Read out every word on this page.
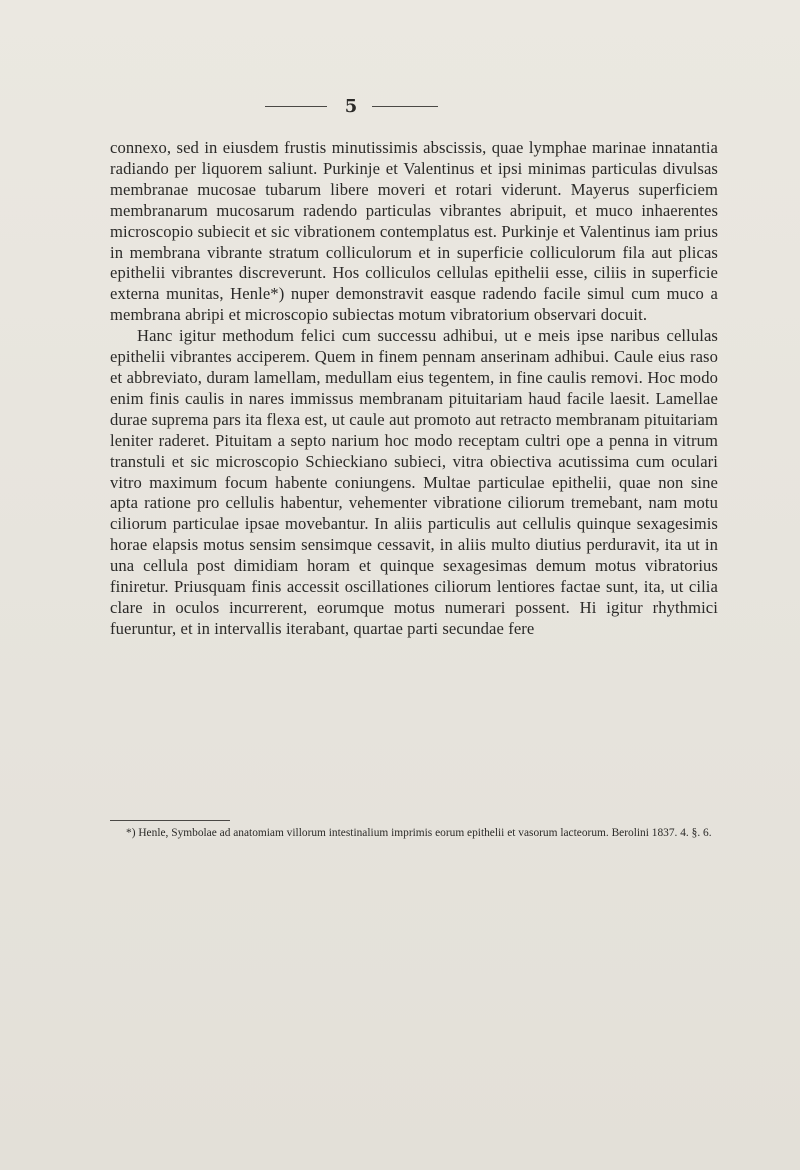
5

connexo, sed in eiusdem frustis minutissimis abscissis, quae lymphae marinae innatantia radiando per liquorem saliunt. Purkinje et Valentinus et ipsi minimas particulas divulsas membranae mucosae tubarum libere moveri et rotari viderunt. Mayerus superficiem membranarum mucosarum radendo particulas vibrantes abripuit, et muco inhaerentes microscopio subiecit et sic vibrationem contemplatus est. Purkinje et Valentinus iam prius in membrana vibrante stratum colliculorum et in superficie colliculorum fila aut plicas epithelii vibrantes discreverunt. Hos colliculos cellulas epithelii esse, ciliis in superficie externa munitas, Henle*) nuper demonstravit easque radendo facile simul cum muco a membrana abripi et microscopio subiectas motum vibratorium observari docuit.

Hanc igitur methodum felici cum successu adhibui, ut e meis ipse naribus cellulas epithelii vibrantes acciperem. Quem in finem pennam anserinam adhibui. Caule eius raso et abbreviato, duram lamellam, medullam eius tegentem, in fine caulis removi. Hoc modo enim finis caulis in nares immissus membranam pituitariam haud facile laesit. Lamellae durae suprema pars ita flexa est, ut caule aut promoto aut retracto membranam pituitariam leniter raderet. Pituitam a septo narium hoc modo receptam cultri ope a penna in vitrum transtuli et sic microscopio Schieckiano subieci, vitra obiectiva acutissima cum oculari vitro maximum focum habente coniungens. Multae particulae epithelii, quae non sine apta ratione pro cellulis habentur, vehementer vibratione ciliorum tremebant, nam motu ciliorum particulae ipsae movebantur. In aliis particulis aut cellulis quinque sexagesimis horae elapsis motus sensim sensimque cessavit, in aliis multo diutius perduravit, ita ut in una cellula post dimidiam horam et quinque sexagesimas demum motus vibratorius finiretur. Priusquam finis accessit oscillationes ciliorum lentiores factae sunt, ita, ut cilia clare in oculos incurrerent, eorumque motus numerari possent. Hi igitur rhythmici fueruntur, et in intervallis iterabant, quartae parti secundae fere

*) Henle, Symbolae ad anatomiam villorum intestinalium imprimis eorum epithelii et vasorum lacteorum. Berolini 1837. 4. §. 6.
